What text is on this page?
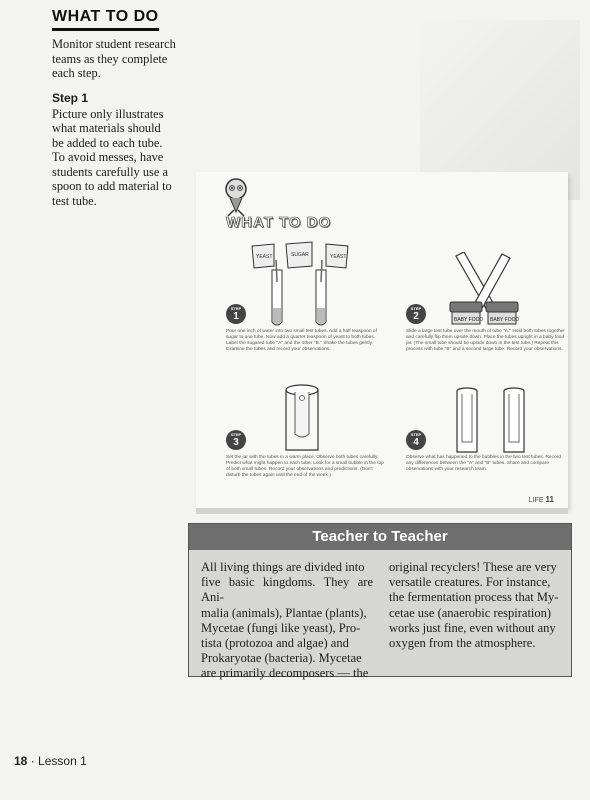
WHAT TO DO
Monitor student research
teams as they complete
each step.
Step 1
Picture only illustrates
what materials should
be added to each tube.
To avoid messes, have
students carefully use a
spoon to add material to
test tube.
WHAT TO DO
YEAST	SUGAR	YEAST
BABY FOOD BABY FOOD
STEP
1
Pour one inch of water into two small test tubes. Add a half teaspoon of sugar to one tube. Now add a quarter teaspoon of yeast to both tubes. Label the sugared tube "A" and the other "B." Shake the tubes gently. Examine the tubes and record your observations.
STEP
2
Slide a large test tube over the mouth of tube "A." Hold both tubes together and carefully flip them upside down. Place the tubes upright in a baby food jar. (The small tube should be upside down in the test tube.) Repeat this process with tube "B" and a second large tube. Record your observations.
STEP
3
Set the jar with the tubes in a warm place. Observe both tubes carefully. Predict what might happen to each tube. Look for a small bubble in the top of both small tubes. Record your observations and predictions. (Don't disturb the tubes again until the end of the week.)
STEP
4
Observe what has happened to the bubbles in the two test tubes. Record any differences between the "A" and "B" tubes. Share and compare observations with your research team.
LIFE 11
Teacher to Teacher
All living things are divided into
five basic kingdoms. They are Ani-
malia (animals), Plantae (plants),
Mycetae (fungi like yeast), Pro-
tista (protozoa and algae) and
Prokaryotae (bacteria). Mycetae
are primarily decomposers — the
original recyclers! These are very
versatile creatures. For instance,
the fermentation process that My-
cetae use (anaerobic respiration)
works just fine, even without any
oxygen from the atmosphere.
18 · Lesson 1
